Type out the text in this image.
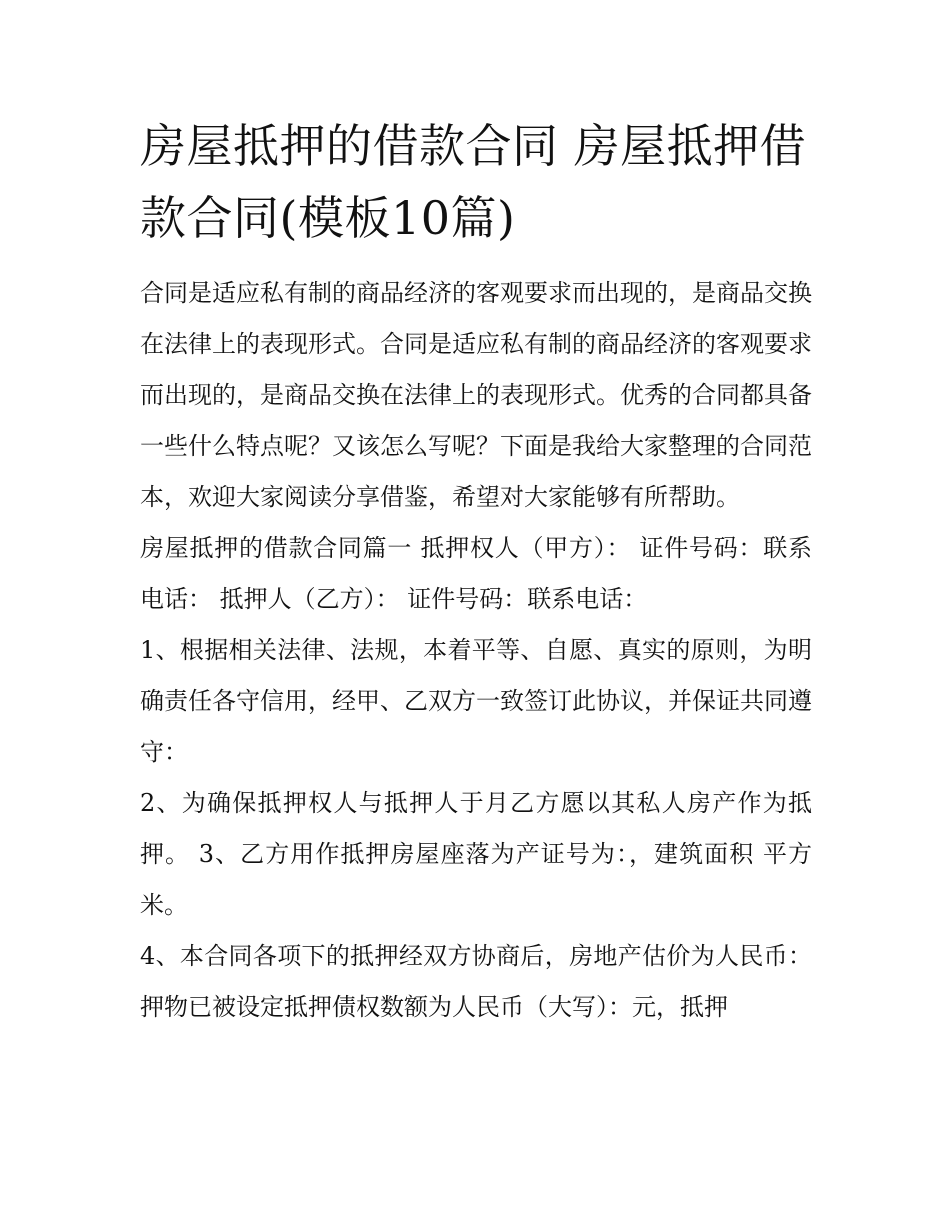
房屋抵押的借款合同 房屋抵押借款合同(模板10篇)

合同是适应私有制的商品经济的客观要求而出现的，是商品交换在法律上的表现形式。合同是适应私有制的商品经济的客观要求而出现的，是商品交换在法律上的表现形式。优秀的合同都具备一些什么特点呢？又该怎么写呢？下面是我给大家整理的合同范本，欢迎大家阅读分享借鉴，希望对大家能够有所帮助。

房屋抵押的借款合同篇一 抵押权人（甲方）： 证件号码：联系电话： 抵押人（乙方）： 证件号码：联系电话：

1、根据相关法律、法规，本着平等、自愿、真实的原则，为明确责任各守信用，经甲、乙双方一致签订此协议，并保证共同遵守：

2、为确保抵押权人与抵押人于月乙方愿以其私人房产作为抵押。 3、乙方用作抵押房屋座落为产证号为：，建筑面积 平方米。

4、本合同各项下的抵押经双方协商后，房地产估价为人民币：押物已被设定抵押债权数额为人民币（大写）：元，抵押
